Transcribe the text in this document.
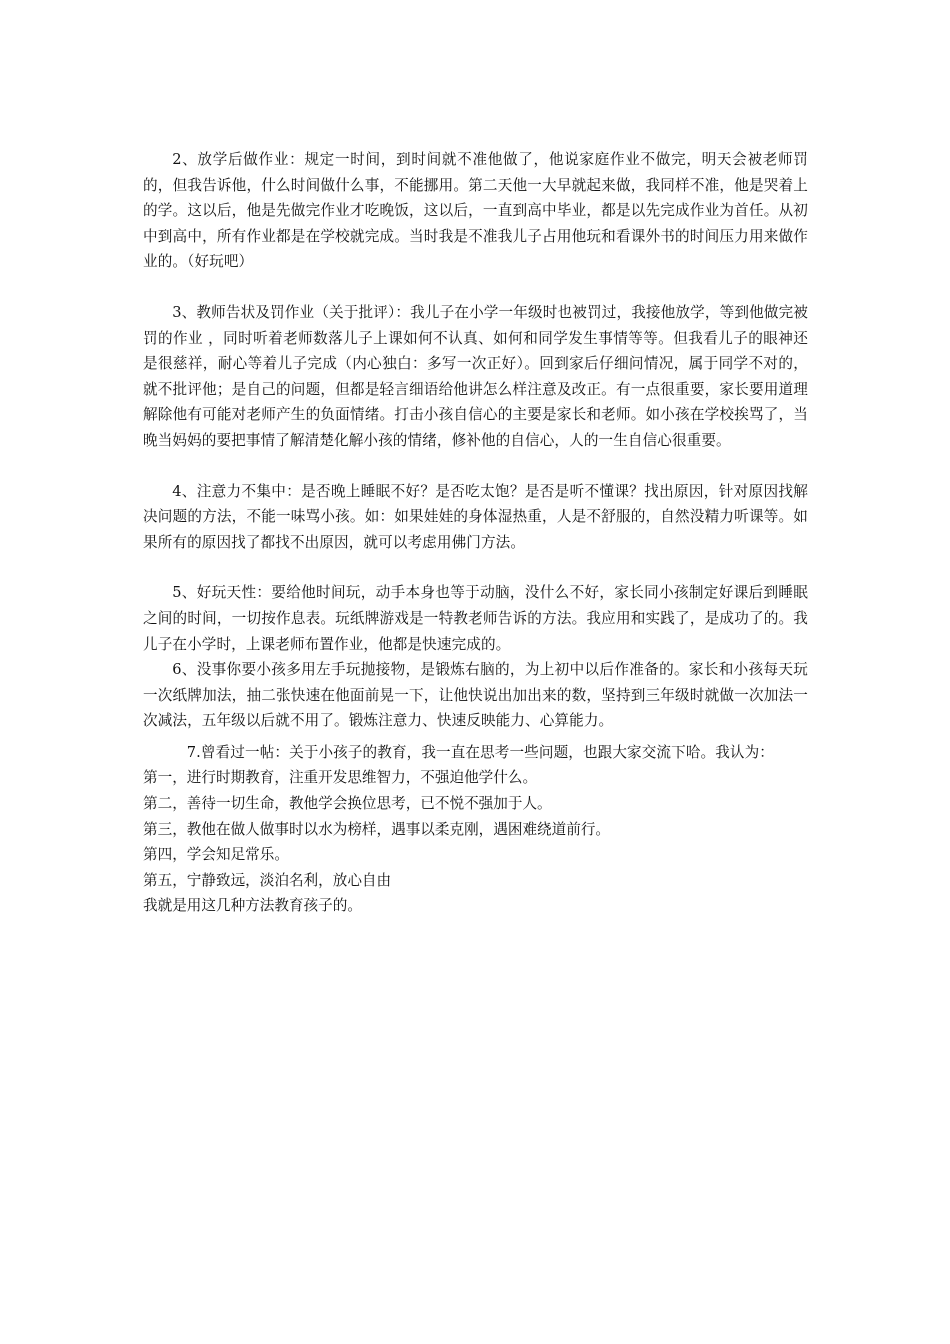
2、放学后做作业：规定一时间，到时间就不准他做了，他说家庭作业不做完，明天会被老师罚的，但我告诉他，什么时间做什么事，不能挪用。第二天他一大早就起来做，我同样不准，他是哭着上的学。这以后，他是先做完作业才吃晚饭，这以后，一直到高中毕业，都是以先完成作业为首任。从初中到高中，所有作业都是在学校就完成。当时我是不准我儿子占用他玩和看课外书的时间压力用来做作业的。（好玩吧）

3、教师告状及罚作业（关于批评）：我儿子在小学一年级时也被罚过，我接他放学，等到他做完被罚的作业 ，同时听着老师数落儿子上课如何不认真、如何和同学发生事情等等。但我看儿子的眼神还是很慈祥，耐心等着儿子完成（内心独白：多写一次正好）。回到家后仔细问情况，属于同学不对的，就不批评他；是自己的问题，但都是轻言细语给他讲怎么样注意及改正。有一点很重要，家长要用道理解除他有可能对老师产生的负面情绪。打击小孩自信心的主要是家长和老师。如小孩在学校挨骂了，当晚当妈妈的要把事情了解清楚化解小孩的情绪，修补他的自信心，人的一生自信心很重要。

4、注意力不集中：是否晚上睡眠不好？是否吃太饱？是否是听不懂课？找出原因，针对原因找解决问题的方法，不能一味骂小孩。如：如果娃娃的身体湿热重，人是不舒服的，自然没精力听课等。如果所有的原因找了都找不出原因，就可以考虑用佛门方法。

5、好玩天性：要给他时间玩，动手本身也等于动脑，没什么不好，家长同小孩制定好课后到睡眠之间的时间，一切按作息表。玩纸牌游戏是一特教老师告诉的方法。我应用和实践了，是成功了的。我儿子在小学时，上课老师布置作业，他都是快速完成的。

6、没事你要小孩多用左手玩抛接物，是锻炼右脑的，为上初中以后作准备的。家长和小孩每天玩一次纸牌加法，抽二张快速在他面前晃一下，让他快说出加出来的数，坚持到三年级时就做一次加法一次减法，五年级以后就不用了。锻炼注意力、快速反映能力、心算能力。

7.曾看过一帖：关于小孩子的教育，我一直在思考一些问题，也跟大家交流下哈。我认为：

第一，进行时期教育，注重开发思维智力，不强迫他学什么。

第二，善待一切生命，教他学会换位思考，已不悦不强加于人。

第三，教他在做人做事时以水为榜样，遇事以柔克刚，遇困难绕道前行。

第四，学会知足常乐。

第五，宁静致远，淡泊名利，放心自由

我就是用这几种方法教育孩子的。
